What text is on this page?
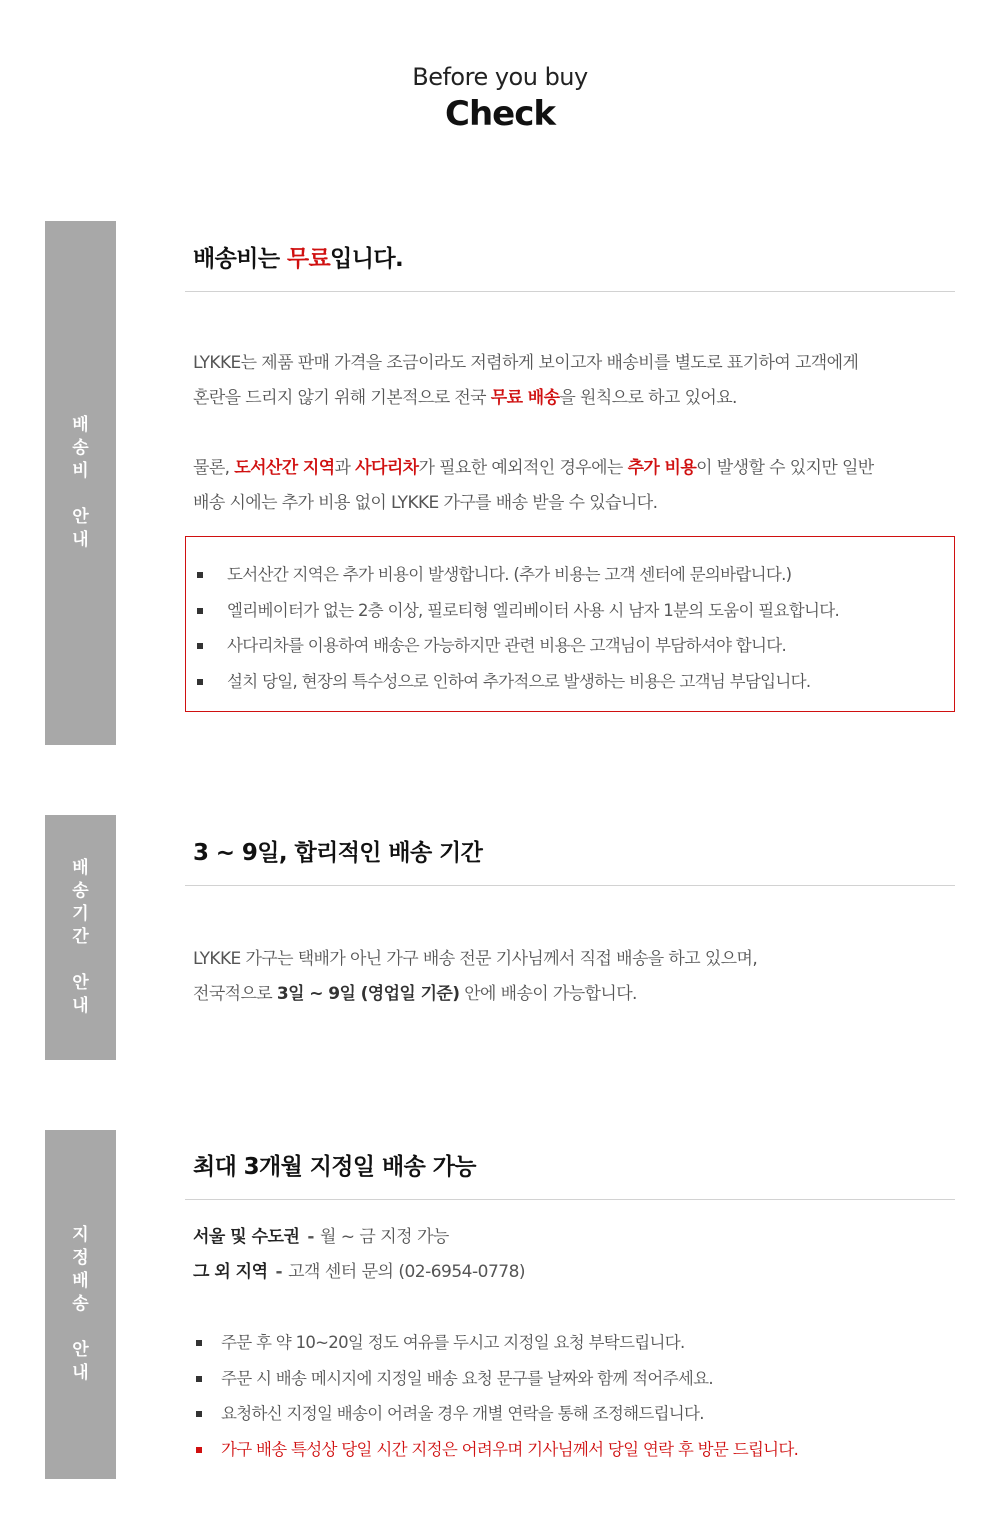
Before you buy
Check
배
송
비
안
내
배송비는 무료입니다.
LYKKE는 제품 판매 가격을 조금이라도 저렴하게 보이고자 배송비를 별도로 표기하여 고객에게
혼란을 드리지 않기 위해 기본적으로 전국 무료 배송을 원칙으로 하고 있어요.
물론, 도서산간 지역과 사다리차가 필요한 예외적인 경우에는 추가 비용이 발생할 수 있지만 일반
배송 시에는 추가 비용 없이 LYKKE 가구를 배송 받을 수 있습니다.
도서산간 지역은 추가 비용이 발생합니다. (추가 비용는 고객 센터에 문의바랍니다.)
엘리베이터가 없는 2층 이상, 필로티형 엘리베이터 사용 시 남자 1분의 도움이 필요합니다.
사다리차를 이용하여 배송은 가능하지만 관련 비용은 고객님이 부담하셔야 합니다.
설치 당일, 현장의 특수성으로 인하여 추가적으로 발생하는 비용은 고객님 부담입니다.
배
송
기
간
안
내
3 ~ 9일, 합리적인 배송 기간
LYKKE 가구는 택배가 아닌 가구 배송 전문 기사님께서 직접 배송을 하고 있으며,
전국적으로 3일 ~ 9일 (영업일 기준) 안에 배송이 가능합니다.
지
정
배
송
안
내
최대 3개월 지정일 배송 가능
서울 및 수도권 - 월 ~ 금 지정 가능
그 외 지역 - 고객 센터 문의 (02-6954-0778)
주문 후 약 10~20일 정도 여유를 두시고 지정일 요청 부탁드립니다.
주문 시 배송 메시지에 지정일 배송 요청 문구를 날짜와 함께 적어주세요.
요청하신 지정일 배송이 어려울 경우 개별 연락을 통해 조정해드립니다.
가구 배송 특성상 당일 시간 지정은 어려우며 기사님께서 당일 연락 후 방문 드립니다.
